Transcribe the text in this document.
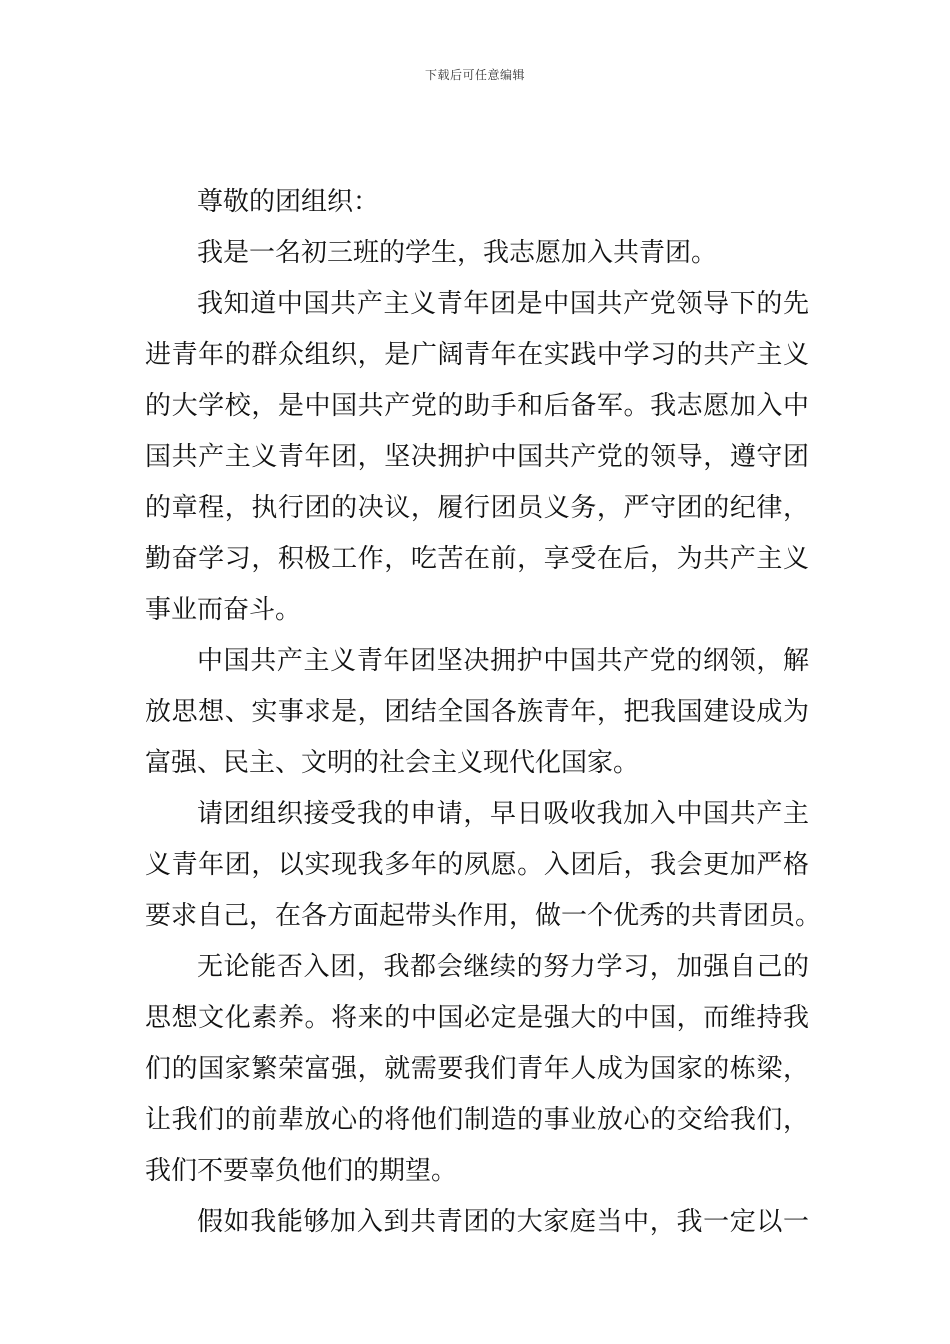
下载后可任意编辑
尊敬的团组织：
我是一名初三班的学生，我志愿加入共青团。
我知道中国共产主义青年团是中国共产党领导下的先
进青年的群众组织，是广阔青年在实践中学习的共产主义
的大学校，是中国共产党的助手和后备军。我志愿加入中
国共产主义青年团，坚决拥护中国共产党的领导，遵守团
的章程，执行团的决议，履行团员义务，严守团的纪律，
勤奋学习，积极工作，吃苦在前，享受在后，为共产主义
事业而奋斗。
中国共产主义青年团坚决拥护中国共产党的纲领，解
放思想、实事求是，团结全国各族青年，把我国建设成为
富强、民主、文明的社会主义现代化国家。
请团组织接受我的申请，早日吸收我加入中国共产主
义青年团，以实现我多年的夙愿。入团后，我会更加严格
要求自己，在各方面起带头作用，做一个优秀的共青团员。
无论能否入团，我都会继续的努力学习，加强自己的
思想文化素养。将来的中国必定是强大的中国，而维持我
们的国家繁荣富强，就需要我们青年人成为国家的栋梁，
让我们的前辈放心的将他们制造的事业放心的交给我们，
我们不要辜负他们的期望。
假如我能够加入到共青团的大家庭当中，我一定以一
